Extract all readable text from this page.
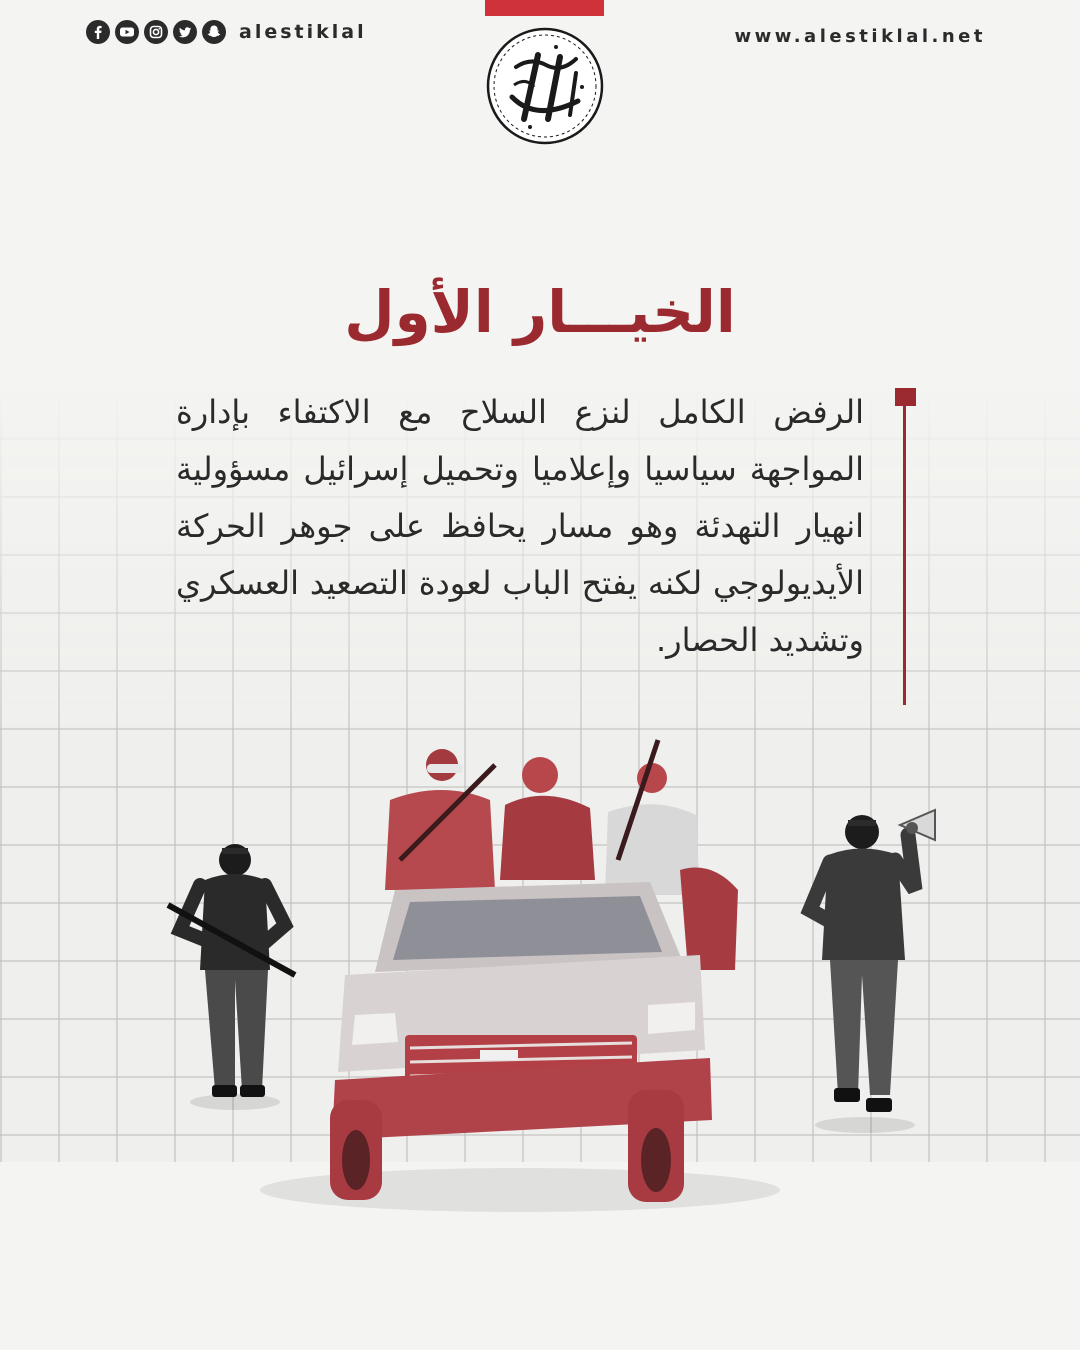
alestiklal	www.alestiklal.net
الخيـــار الأول
الرفض الكامل لنزع السلاح مع الاكتفاء بإدارة المواجهة سياسيا وإعلاميا وتحميل إسرائيل مسؤولية انهيار التهدئة وهو مسار يحافظ على جوهر الحركة الأيديولوجي لكنه يفتح الباب لعودة التصعيد العسكري وتشديد الحصار.
